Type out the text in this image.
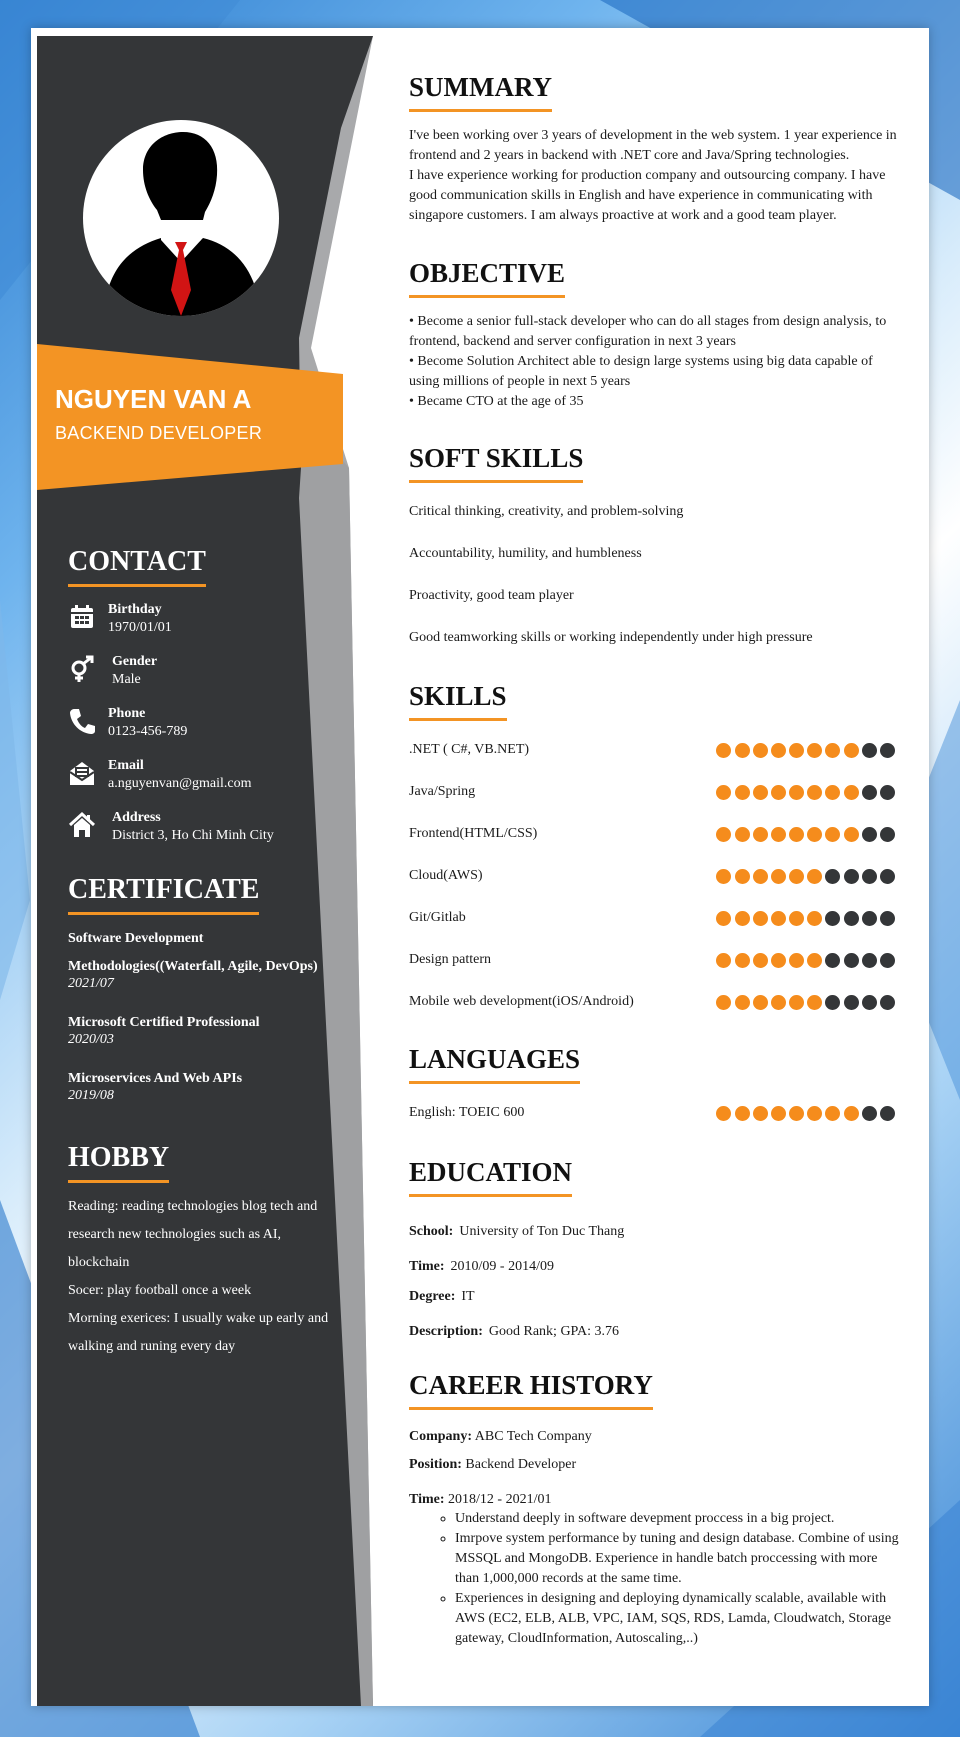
NGUYEN VAN A
BACKEND DEVELOPER
CONTACT
Birthday
1970/01/01
Gender
Male
Phone
0123-456-789
Email
a.nguyenvan@gmail.com
Address
District 3, Ho Chi Minh City
CERTIFICATE
Software Development
Methodologies((Waterfall, Agile, DevOps)
2021/07
Microsoft Certified Professional
2020/03
Microservices And Web APIs
2019/08
HOBBY
Reading: reading technologies blog tech and
research new technologies such as AI,
blockchain
Socer: play football once a week
Morning exerices: I usually wake up early and
walking and runing every day
SUMMARY

I've been working over 3 years of development in the web system. 1 year experience in

frontend and 2 years in backend with .NET core and Java/Spring technologies.

I have experience working for production company and outsourcing company. I have

good communication skills in English and have experience in communicating with

singapore customers. I am always proactive at work and a good team player.

OBJECTIVE

• Become a senior full-stack developer who can do all stages from design analysis, to

frontend, backend and server configuration in next 3 years

• Become Solution Architect able to design large systems using big data capable of

using millions of people in next 5 years

• Became CTO at the age of 35

SOFT SKILLS
Critical thinking, creativity, and problem-solving
Accountability, humility, and humbleness
Proactivity, good team player
Good teamworking skills or working independently under high pressure
SKILLS
.NET ( C#, VB.NET)
Java/Spring
Frontend(HTML/CSS)
Cloud(AWS)
Git/Gitlab
Design pattern
Mobile web development(iOS/Android)
LANGUAGES
English: TOEIC 600
EDUCATION
School: University of Ton Duc Thang
Time: 2010/09 - 2014/09
Degree: IT
Description: Good Rank; GPA: 3.76
CAREER HISTORY
Company: ABC Tech Company
Position: Backend Developer
Time: 2018/12 - 2021/01
◦ Understand deeply in software devepment proccess in a big project.
◦ Imrpove system performance by tuning and design database. Combine of using
MSSQL and MongoDB. Experience in handle batch proccessing with more
than 1,000,000 records at the same time.
◦ Experiences in designing and deploying dynamically scalable, available with
AWS (EC2, ELB, ALB, VPC, IAM, SQS, RDS, Lamda, Cloudwatch, Storage
gateway, CloudInformation, Autoscaling,..)
